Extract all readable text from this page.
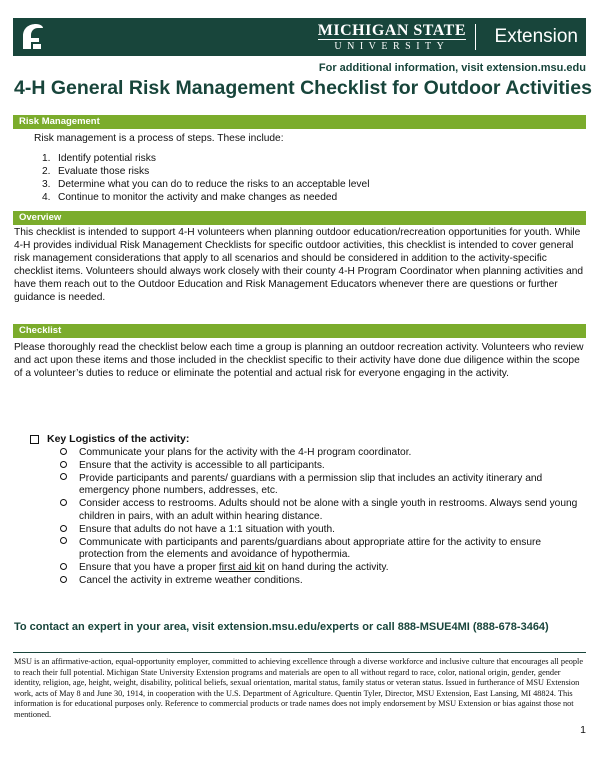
MICHIGAN STATE
UNIVERSITY	Extension
For additional information, visit extension.msu.edu
4-H General Risk Management Checklist for Outdoor Activities
Risk Management
Risk management is a process of steps. These include:
1. Identify potential risks
2. Evaluate those risks
3. Determine what you can do to reduce the risks to an acceptable level
4. Continue to monitor the activity and make changes as needed
Overview
This checklist is intended to support 4-H volunteers when planning outdoor education/recreation opportunities for youth. While 4-H provides individual Risk Management Checklists for specific outdoor activities, this checklist is intended to cover general risk management considerations that apply to all scenarios and should be considered in addition to the activity-specific checklist items. Volunteers should always work closely with their county 4-H Program Coordinator when planning activities and have them reach out to the Outdoor Education and Risk Management Educators whenever there are questions or further guidance is needed.
Checklist
Please thoroughly read the checklist below each time a group is planning an outdoor recreation activity. Volunteers who review and act upon these items and those included in the checklist specific to their activity have done due diligence within the scope of a volunteer’s duties to reduce or eliminate the potential and actual risk for everyone engaging in the activity.
Key Logistics of the activity:
Communicate your plans for the activity with the 4-H program coordinator.
Ensure that the activity is accessible to all participants.
Provide participants and parents/ guardians with a permission slip that includes an activity itinerary and emergency phone numbers, addresses, etc.
Consider access to restrooms. Adults should not be alone with a single youth in restrooms. Always send young children in pairs, with an adult within hearing distance.
Ensure that adults do not have a 1:1 situation with youth.
Communicate with participants and parents/guardians about appropriate attire for the activity to ensure protection from the elements and avoidance of hypothermia.
Ensure that you have a proper first aid kit on hand during the activity.
Cancel the activity in extreme weather conditions.
To contact an expert in your area, visit extension.msu.edu/experts or call 888-MSUE4MI (888-678-3464)
MSU is an affirmative-action, equal-opportunity employer, committed to achieving excellence through a diverse workforce and inclusive culture that encourages all people to reach their full potential. Michigan State University Extension programs and materials are open to all without regard to race, color, national origin, gender, gender identity, religion, age, height, weight, disability, political beliefs, sexual orientation, marital status, family status or veteran status. Issued in furtherance of MSU Extension work, acts of May 8 and June 30, 1914, in cooperation with the U.S. Department of Agriculture. Quentin Tyler, Director, MSU Extension, East Lansing, MI 48824. This information is for educational purposes only. Reference to commercial products or trade names does not imply endorsement by MSU Extension or bias against those not mentioned.
1
